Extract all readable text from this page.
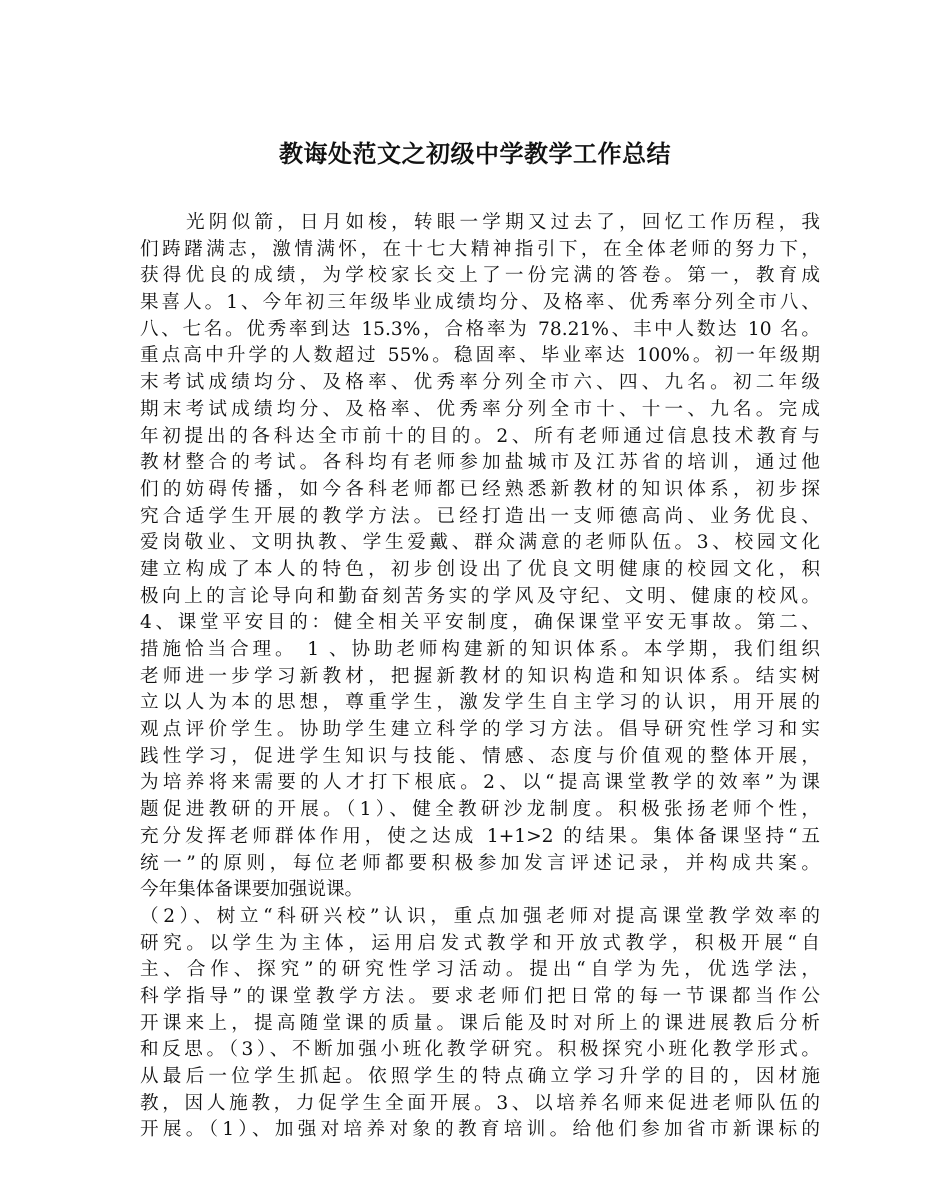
教诲处范文之初级中学教学工作总结
光阴似箭，日月如梭，转眼一学期又过去了，回忆工作历程，我
们踌躇满志，激情满怀，在十七大精神指引下，在全体老师的努力下，
获得优良的成绩，为学校家长交上了一份完满的答卷。第一，教育成
果喜人。1、今年初三年级毕业成绩均分、及格率、优秀率分列全市八、
八、七名。优秀率到达 15.3%，合格率为 78.21%、丰中人数达 10 名。
重点高中升学的人数超过 55%。稳固率、毕业率达 100%。初一年级期
末考试成绩均分、及格率、优秀率分列全市六、四、九名。初二年级
期末考试成绩均分、及格率、优秀率分列全市十、十一、九名。完成
年初提出的各科达全市前十的目的。2、所有老师通过信息技术教育与
教材整合的考试。各科均有老师参加盐城市及江苏省的培训，通过他
们的妨碍传播，如今各科老师都已经熟悉新教材的知识体系，初步探
究合适学生开展的教学方法。已经打造出一支师德高尚、业务优良、
爱岗敬业、文明执教、学生爱戴、群众满意的老师队伍。3、校园文化
建立构成了本人的特色，初步创设出了优良文明健康的校园文化，积
极向上的言论导向和勤奋刻苦务实的学风及守纪、文明、健康的校风。
4、课堂平安目的：健全相关平安制度，确保课堂平安无事故。第二、
措施恰当合理。 1 、协助老师构建新的知识体系。本学期，我们组织
老师进一步学习新教材，把握新教材的知识构造和知识体系。结实树
立以人为本的思想，尊重学生，激发学生自主学习的认识，用开展的
观点评价学生。协助学生建立科学的学习方法。倡导研究性学习和实
践性学习，促进学生知识与技能、情感、态度与价值观的整体开展，
为培养将来需要的人才打下根底。2、以“提高课堂教学的效率”为课
题促进教研的开展。（1）、健全教研沙龙制度。积极张扬老师个性，
充分发挥老师群体作用，使之达成 1+1>2 的结果。集体备课坚持“五
统一”的原则，每位老师都要积极参加发言评述记录，并构成共案。
今年集体备课要加强说课。
（2）、树立“科研兴校”认识，重点加强老师对提高课堂教学效率的
研究。以学生为主体，运用启发式教学和开放式教学，积极开展“自
主、合作、探究”的研究性学习活动。提出“自学为先，优选学法，
科学指导”的课堂教学方法。要求老师们把日常的每一节课都当作公
开课来上，提高随堂课的质量。课后能及时对所上的课进展教后分析
和反思。（3）、不断加强小班化教学研究。积极探究小班化教学形式。
从最后一位学生抓起。依照学生的特点确立学习升学的目的，因材施
教，因人施教，力促学生全面开展。3、以培养名师来促进老师队伍的
开展。（1）、加强对培养对象的教育培训。给他们参加省市新课标的
